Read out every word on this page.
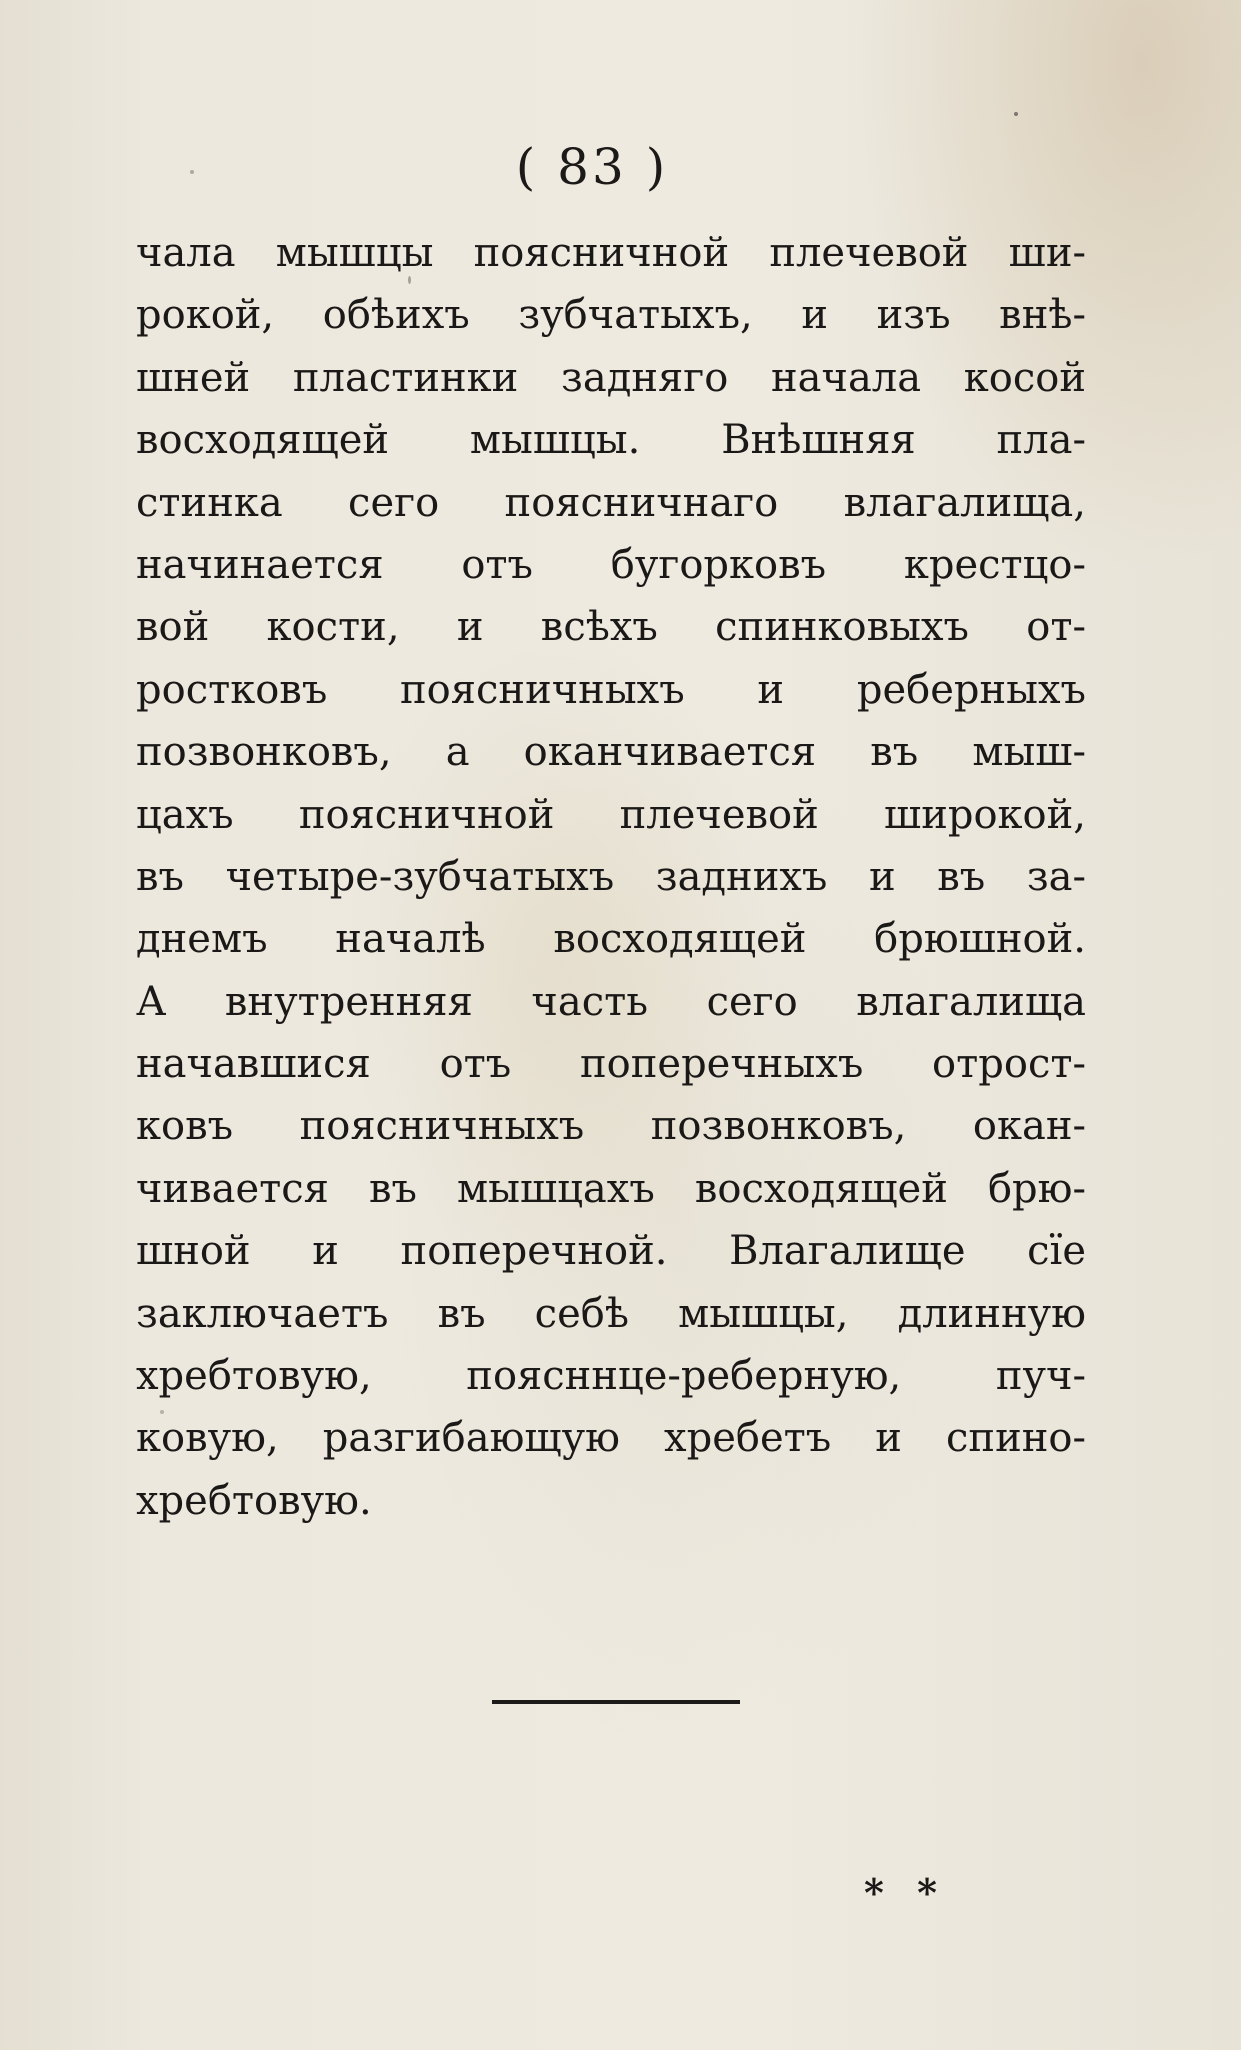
( 83 )
чала мышцы поясничной плечевой ши-
рокой, обѣихъ зубчатыхъ, и изъ внѣ-
шней пластинки задняго начала косой
восходящей мышцы. Внѣшняя пла-
стинка сего поясничнаго влагалища,
начинается отъ бугорковъ крестцо-
вой кости, и всѣхъ спинковыхъ от-
ростковъ поясничныхъ и реберныхъ
позвонковъ, а оканчивается въ мыш-
цахъ поясничной плечевой широкой,
въ четыре-зубчатыхъ заднихъ и въ за-
днемъ началѣ восходящей брюшной.
А внутренняя часть сего влагалища
начавшися отъ поперечныхъ отрост-
ковъ поясничныхъ позвонковъ, окан-
чивается въ мышцахъ восходящей брю-
шной и поперечной. Влагалище сїе
заключаетъ въ себѣ мышцы, длинную
хребтовую, поясннце-реберную, пуч-
ковую, разгибающую хребетъ и спино-
хребтовую.
* *
